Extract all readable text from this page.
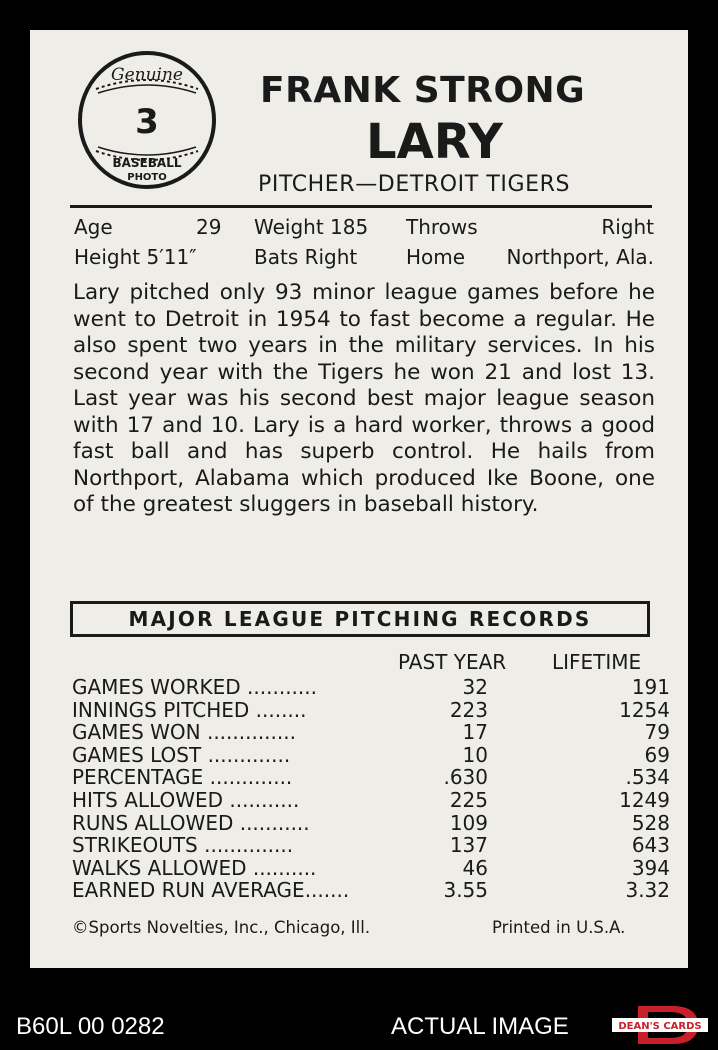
Genuine
3
BASEBALL
PHOTO
FRANK STRONG
LARY
PITCHER—DETROIT TIGERS
Age	29 Weight 185 Throws	Right
Height 5′11″	Bats Right Home Northport, Ala.
Lary pitched only 93 minor league games before he went to Detroit in 1954 to fast become a regular. He also spent two years in the military services. In his second year with the Tigers he won 21 and lost 13. Last year was his second best major league season with 17 and 10. Lary is a hard worker, throws a good fast ball and has superb control. He hails from Northport, Alabama which produced Ike Boone, one of the greatest sluggers in baseball history.
MAJOR LEAGUE PITCHING RECORDS
PAST YEAR LIFETIME
GAMES WORKED ...........	32	191
INNINGS PITCHED ........	223	1254
GAMES WON ..............	17	79
GAMES LOST .............	10	69
PERCENTAGE .............	.630	.534
HITS ALLOWED ...........	225	1249
RUNS ALLOWED ...........	109	528
STRIKEOUTS ..............	137	643
WALKS ALLOWED ..........	46	394
EARNED RUN AVERAGE.......	3.55	3.32
©Sports Novelties, Inc., Chicago, Ill.	Printed in U.S.A.
B60L 00 0282	ACTUAL IMAGE	DEAN'S CARDS
